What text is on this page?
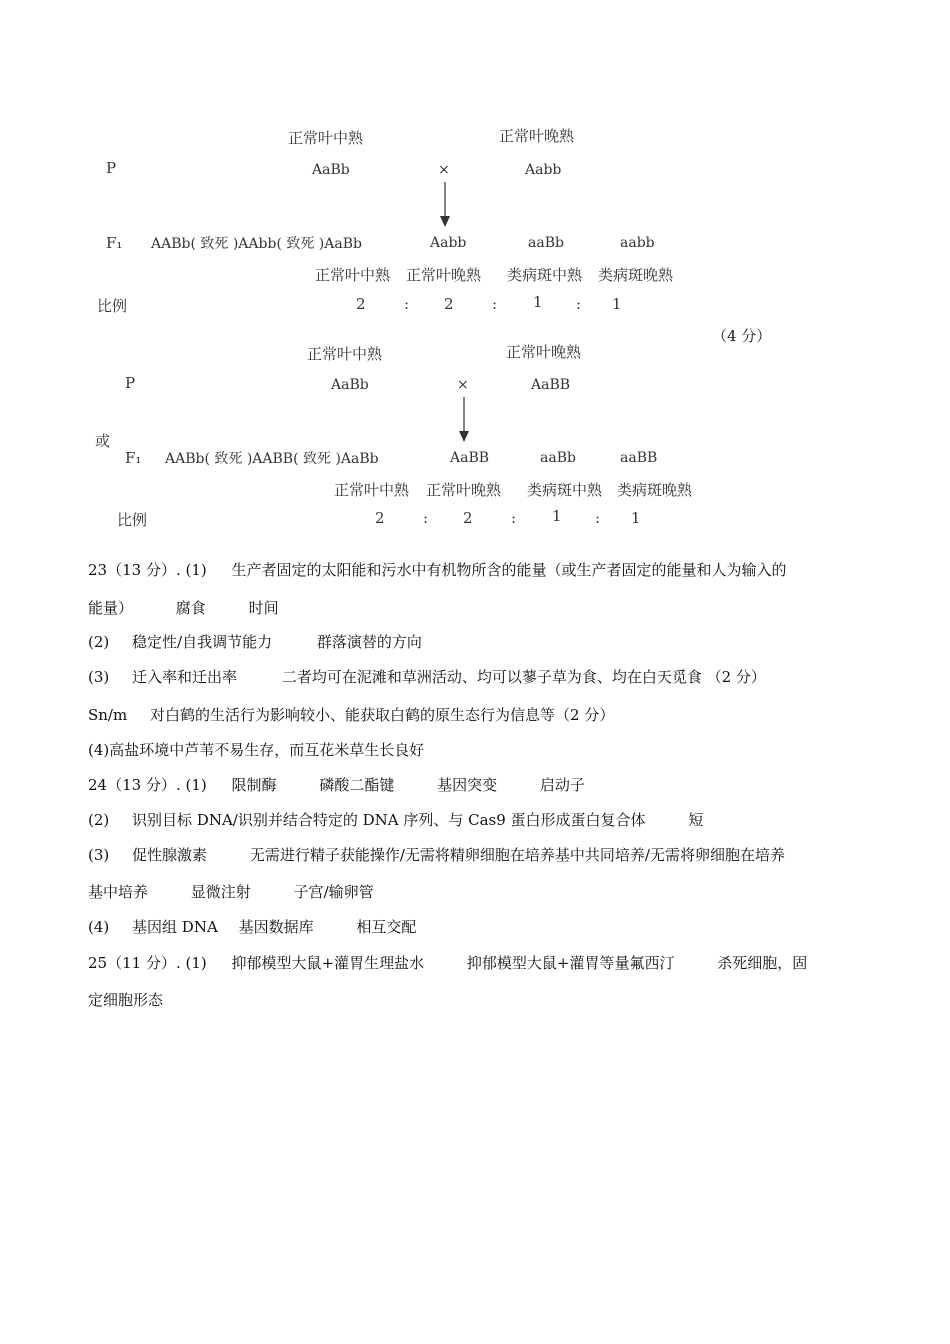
P
正常叶中熟
AaBb	×
正常叶晚熟
Aabb
F₁ AABb( 致死 )AAbb( 致死 )AaBb	Aabb	aaBb	aabb
正常叶中熟 正常叶晚熟 类病斑中熟 类病斑晚熟
比例	2	: 2	: 1 : 1
（4 分）
或
P
正常叶中熟
AaBb	×
正常叶晚熟
AaBB
F₁ AABb( 致死 )AABB( 致死 )AaBb	AaBB	aaBb	aaBB
正常叶中熟 正常叶晚熟 类病斑中熟 类病斑晚熟
比例	2	: 2	: 1 : 1
23（13 分）. (1) 生产者固定的太阳能和污水中有机物所含的能量（或生产者固定的能量和人为输入的
能量）	腐食	时间
(2) 稳定性/自我调节能力	群落演替的方向
(3) 迁入率和迁出率	二者均可在泥滩和草洲活动、均可以蓼子草为食、均在白天觅食 （2 分）
Sn/m 对白鹤的生活行为影响较小、能获取白鹤的原生态行为信息等（2 分）
(4)高盐环境中芦苇不易生存，而互花米草生长良好
24（13 分）. (1) 限制酶	磷酸二酯键	基因突变	启动子
(2) 识别目标 DNA/识别并结合特定的 DNA 序列、与 Cas9 蛋白形成蛋白复合体	短
(3) 促性腺激素	无需进行精子获能操作/无需将精卵细胞在培养基中共同培养/无需将卵细胞在培养
基中培养	显微注射	子宫/输卵管
(4) 基因组 DNA 基因数据库	相互交配
25（11 分）. (1) 抑郁模型大鼠+灌胃生理盐水	抑郁模型大鼠+灌胃等量氟西汀	杀死细胞，固
定细胞形态
